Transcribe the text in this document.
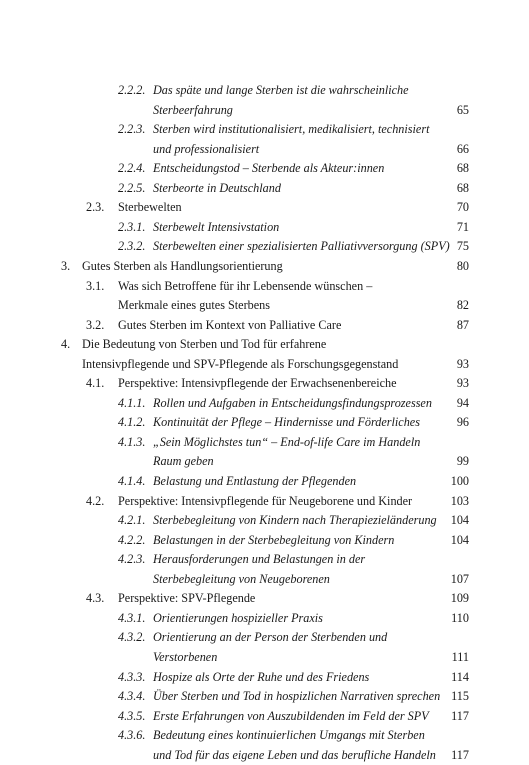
2.2.2. Das späte und lange Sterben ist die wahrscheinliche
Sterbeerfahrung	65
2.2.3. Sterben wird institutionalisiert, medikalisiert, technisiert
und professionalisiert	66
2.2.4. Entscheidungstod – Sterbende als Akteur:innen	68
2.2.5. Sterbeorte in Deutschland	68
2.3. Sterbewelten	70
2.3.1. Sterbewelt Intensivstation	71
2.3.2. Sterbewelten einer spezialisierten Palliativversorgung (SPV) 75
3. Gutes Sterben als Handlungsorientierung	80
3.1. Was sich Betroffene für ihr Lebensende wünschen –
Merkmale eines gutes Sterbens	82
3.2. Gutes Sterben im Kontext von Palliative Care	87
4. Die Bedeutung von Sterben und Tod für erfahrene
Intensivpflegende und SPV-Pflegende als Forschungsgegenstand	93
4.1. Perspektive: Intensivpflegende der Erwachsenenbereiche	93
4.1.1. Rollen und Aufgaben in Entscheidungsfindungsprozessen 94
4.1.2. Kontinuität der Pflege – Hindernisse und Förderliches	96
4.1.3. „Sein Möglichstes tun“ – End-of-life Care im Handeln
Raum geben	99
4.1.4. Belastung und Entlastung der Pflegenden	100
4.2. Perspektive: Intensivpflegende für Neugeborene und Kinder	103
4.2.1. Sterbebegleitung von Kindern nach Therapiezieländerung 104
4.2.2. Belastungen in der Sterbebegleitung von Kindern	104
4.2.3. Herausforderungen und Belastungen in der
Sterbebegleitung von Neugeborenen	107
4.3. Perspektive: SPV-Pflegende	109
4.3.1. Orientierungen hospizieller Praxis	110
4.3.2. Orientierung an der Person der Sterbenden und
Verstorbenen	111
4.3.3. Hospize als Orte der Ruhe und des Friedens	114
4.3.4. Über Sterben und Tod in hospizlichen Narrativen sprechen 115
4.3.5. Erste Erfahrungen von Auszubildenden im Feld der SPV 117
4.3.6. Bedeutung eines kontinuierlichen Umgangs mit Sterben
und Tod für das eigene Leben und das berufliche Handeln 117
